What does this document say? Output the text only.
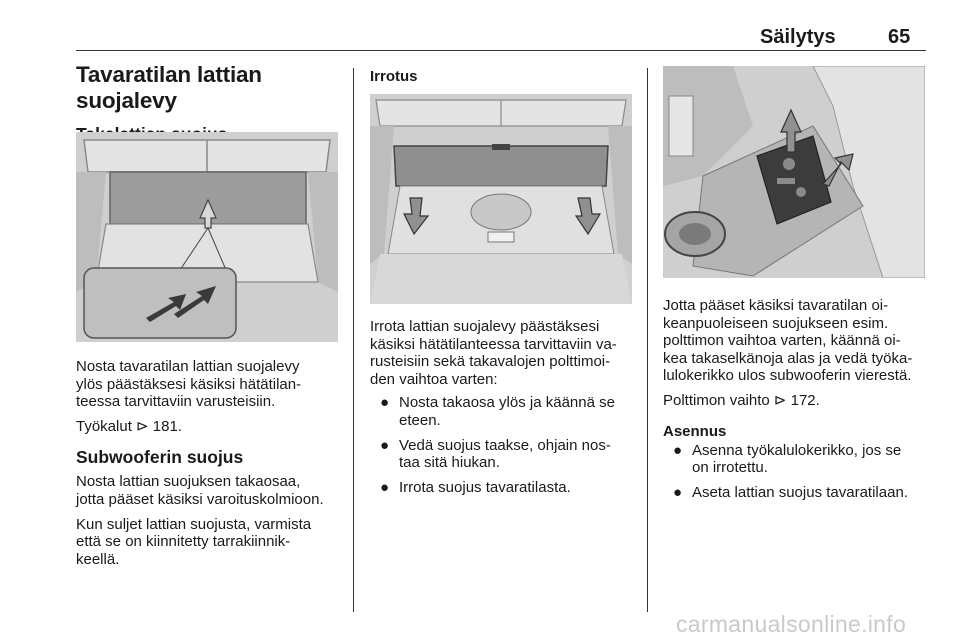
Säilytys	65
Tavaratilan lattian suojalevy

Nosta tavaratilan lattian suojalevy
ylös päästäksesi käsiksi hätätilan-
teessa tarvittaviin varusteisiin.

Työkalut ⊳ 181.

Subwooferin suojus

Nosta lattian suojuksen takaosaa,
jotta pääset käsiksi varoituskolmioon.

Kun suljet lattian suojusta, varmista
että se on kiinnitetty tarrakiinnik-
keellä.

Irrotus

Irrota lattian suojalevy päästäksesi
käsiksi hätätilanteessa tarvittaviin va-
rusteisiin sekä takavalojen polttimoi-
den vaihtoa varten:

● Nosta takaosa ylös ja käännä se
eteen.
● Vedä suojus taakse, ohjain nos-
taa sitä hiukan.
● Irrota suojus tavaratilasta.

Jotta pääset käsiksi tavaratilan oi-
keanpuoleiseen suojukseen esim.
polttimon vaihtoa varten, käännä oi-
kea takaselkänoja alas ja vedä työka-
lulokerikko ulos subwooferin vierestä.

Polttimon vaihto ⊳ 172.

Asennus
● Asenna työkalulokerikko, jos se
on irrotettu.
● Aseta lattian suojus tavaratilaan.
carmanualsonline.info
